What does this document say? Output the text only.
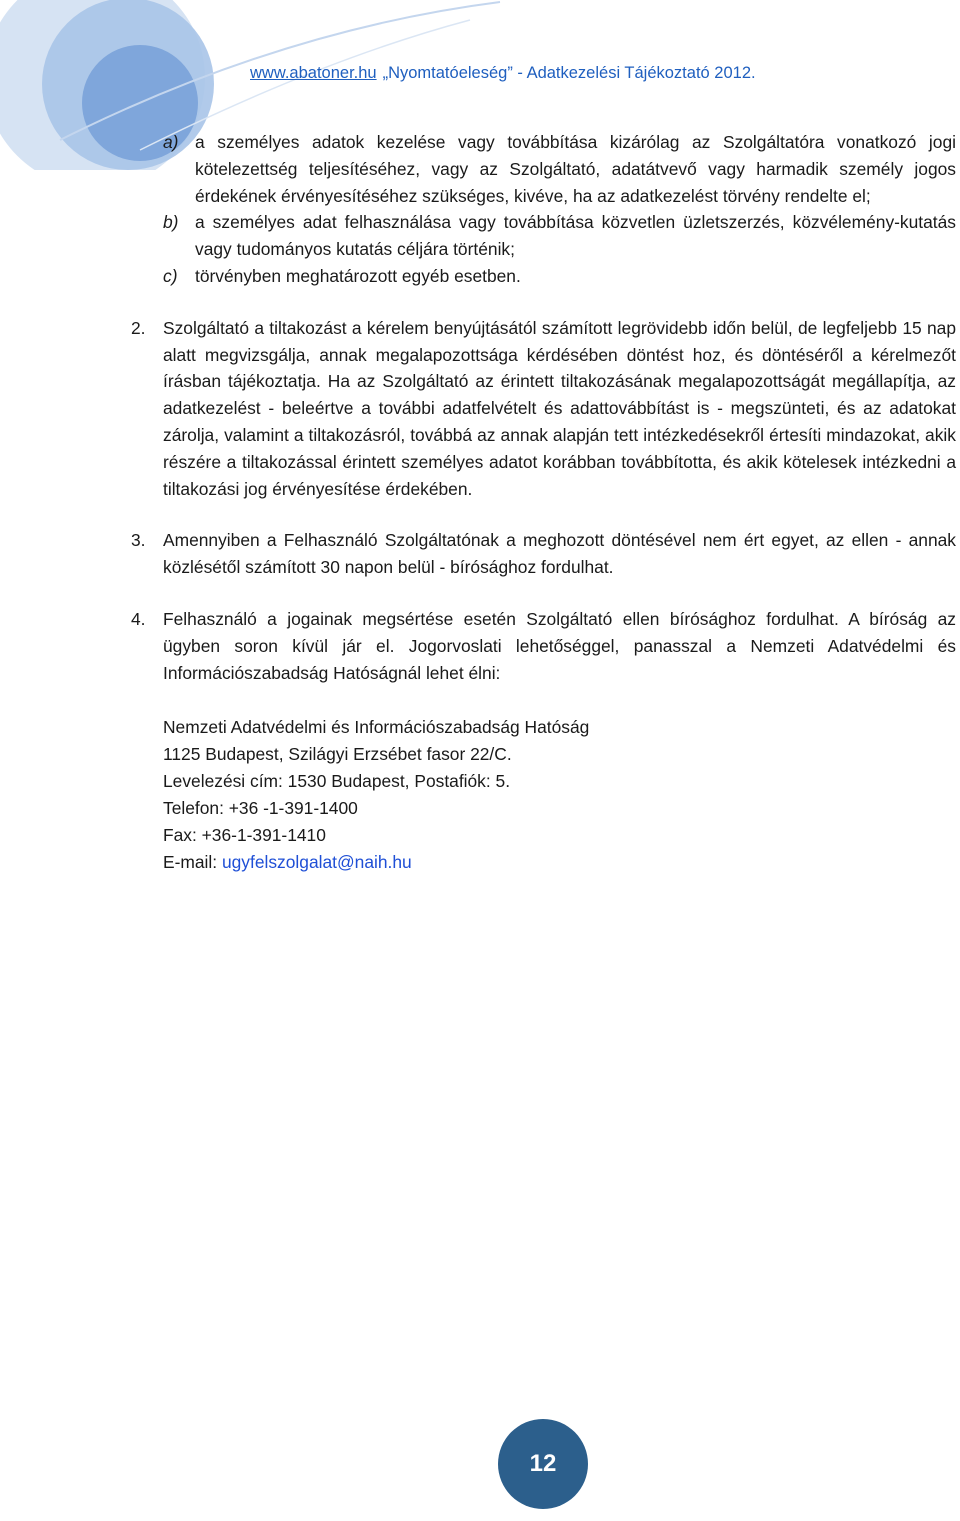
www.abatoner.hu „Nyomtatóeleség” - Adatkezelési Tájékoztató 2012.
a) a személyes adatok kezelése vagy továbbítása kizárólag az Szolgáltatóra vonatkozó jogi kötelezettség teljesítéséhez, vagy az Szolgáltató, adatátvevő vagy harmadik személy jogos érdekének érvényesítéséhez szükséges, kivéve, ha az adatkezelést törvény rendelte el;
b) a személyes adat felhasználása vagy továbbítása közvetlen üzletszerzés, közvélemény-kutatás vagy tudományos kutatás céljára történik;
c) törvényben meghatározott egyéb esetben.
2. Szolgáltató a tiltakozást a kérelem benyújtásától számított legrövidebb időn belül, de legfeljebb 15 nap alatt megvizsgálja, annak megalapozottsága kérdésében döntést hoz, és döntéséről a kérelmezőt írásban tájékoztatja. Ha az Szolgáltató az érintett tiltakozásának megalapozottságát megállapítja, az adatkezelést - beleértve a további adatfelvételt és adattovábbítást is - megszünteti, és az adatokat zárolja, valamint a tiltakozásról, továbbá az annak alapján tett intézkedésekről értesíti mindazokat, akik részére a tiltakozással érintett személyes adatot korábban továbbította, és akik kötelesek intézkedni a tiltakozási jog érvényesítése érdekében.
3. Amennyiben a Felhasználó Szolgáltatónak a meghozott döntésével nem ért egyet, az ellen - annak közlésétől számított 30 napon belül - bírósághoz fordulhat.
4. Felhasználó a jogainak megsértése esetén Szolgáltató ellen bírósághoz fordulhat. A bíróság az ügyben soron kívül jár el. Jogorvoslati lehetőséggel, panasszal a Nemzeti Adatvédelmi és Információszabadság Hatóságnál lehet élni:
Nemzeti Adatvédelmi és Információszabadság Hatóság
1125 Budapest, Szilágyi Erzsébet fasor 22/C.
Levelezési cím: 1530 Budapest, Postafiók: 5.
Telefon: +36 -1-391-1400
Fax: +36-1-391-1410
E-mail: ugyfelszolgalat@naih.hu
12
